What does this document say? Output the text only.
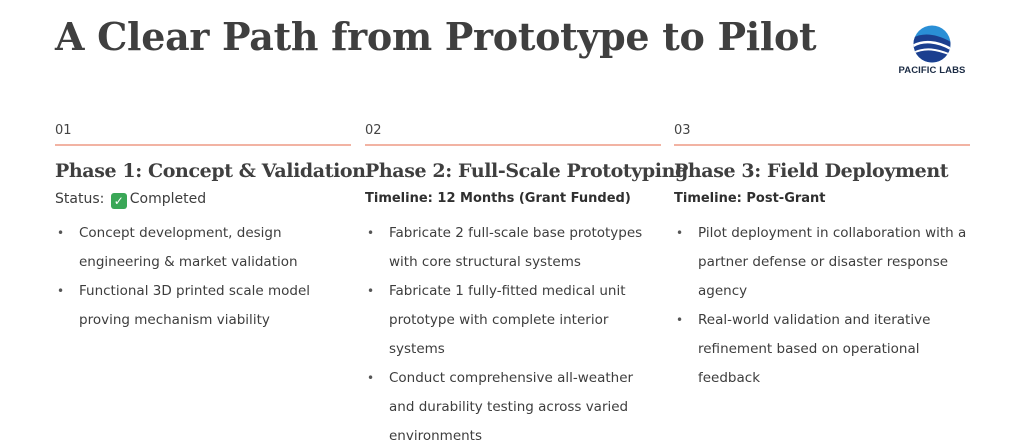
A Clear Path from Prototype to Pilot
PACIFIC LABS
01
Phase 1: Concept & Validation
Status: ✓ Completed
• Concept development, design engineering & market validation
• Functional 3D printed scale model proving mechanism viability
02
Phase 2: Full-Scale Prototyping
Timeline: 12 Months (Grant Funded)
• Fabricate 2 full-scale base prototypes with core structural systems
• Fabricate 1 fully-fitted medical unit prototype with complete interior systems
• Conduct comprehensive all-weather and durability testing across varied environments
03
Phase 3: Field Deployment
Timeline: Post-Grant
• Pilot deployment in collaboration with a partner defense or disaster response agency
• Real-world validation and iterative refinement based on operational feedback
